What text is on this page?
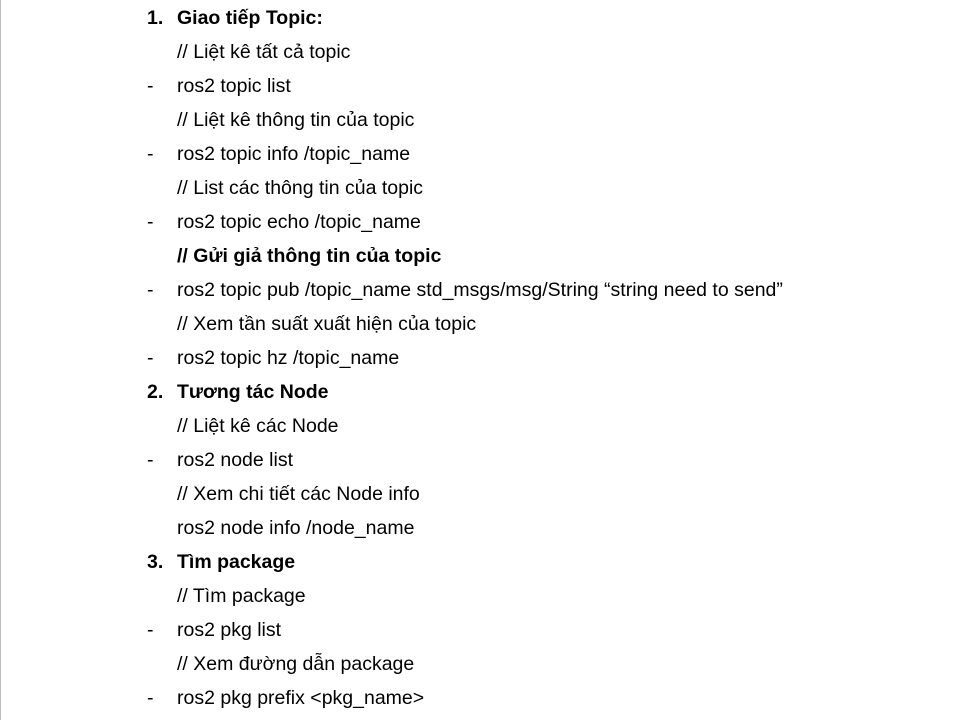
1. Giao tiếp Topic:
// Liệt kê tất cả topic
- ros2 topic list
// Liệt kê thông tin của topic
- ros2 topic info /topic_name
// List các thông tin của topic
- ros2 topic echo /topic_name
// Gửi giả thông tin của topic
- ros2 topic pub /topic_name std_msgs/msg/String “string need to send”
// Xem tần suất xuất hiện của topic
- ros2 topic hz /topic_name
2. Tương tác Node
// Liệt kê các Node
- ros2 node list
// Xem chi tiết các Node info
ros2 node info /node_name
3. Tìm package
// Tìm package
- ros2 pkg list
// Xem đường dẫn package
- ros2 pkg prefix <pkg_name>
